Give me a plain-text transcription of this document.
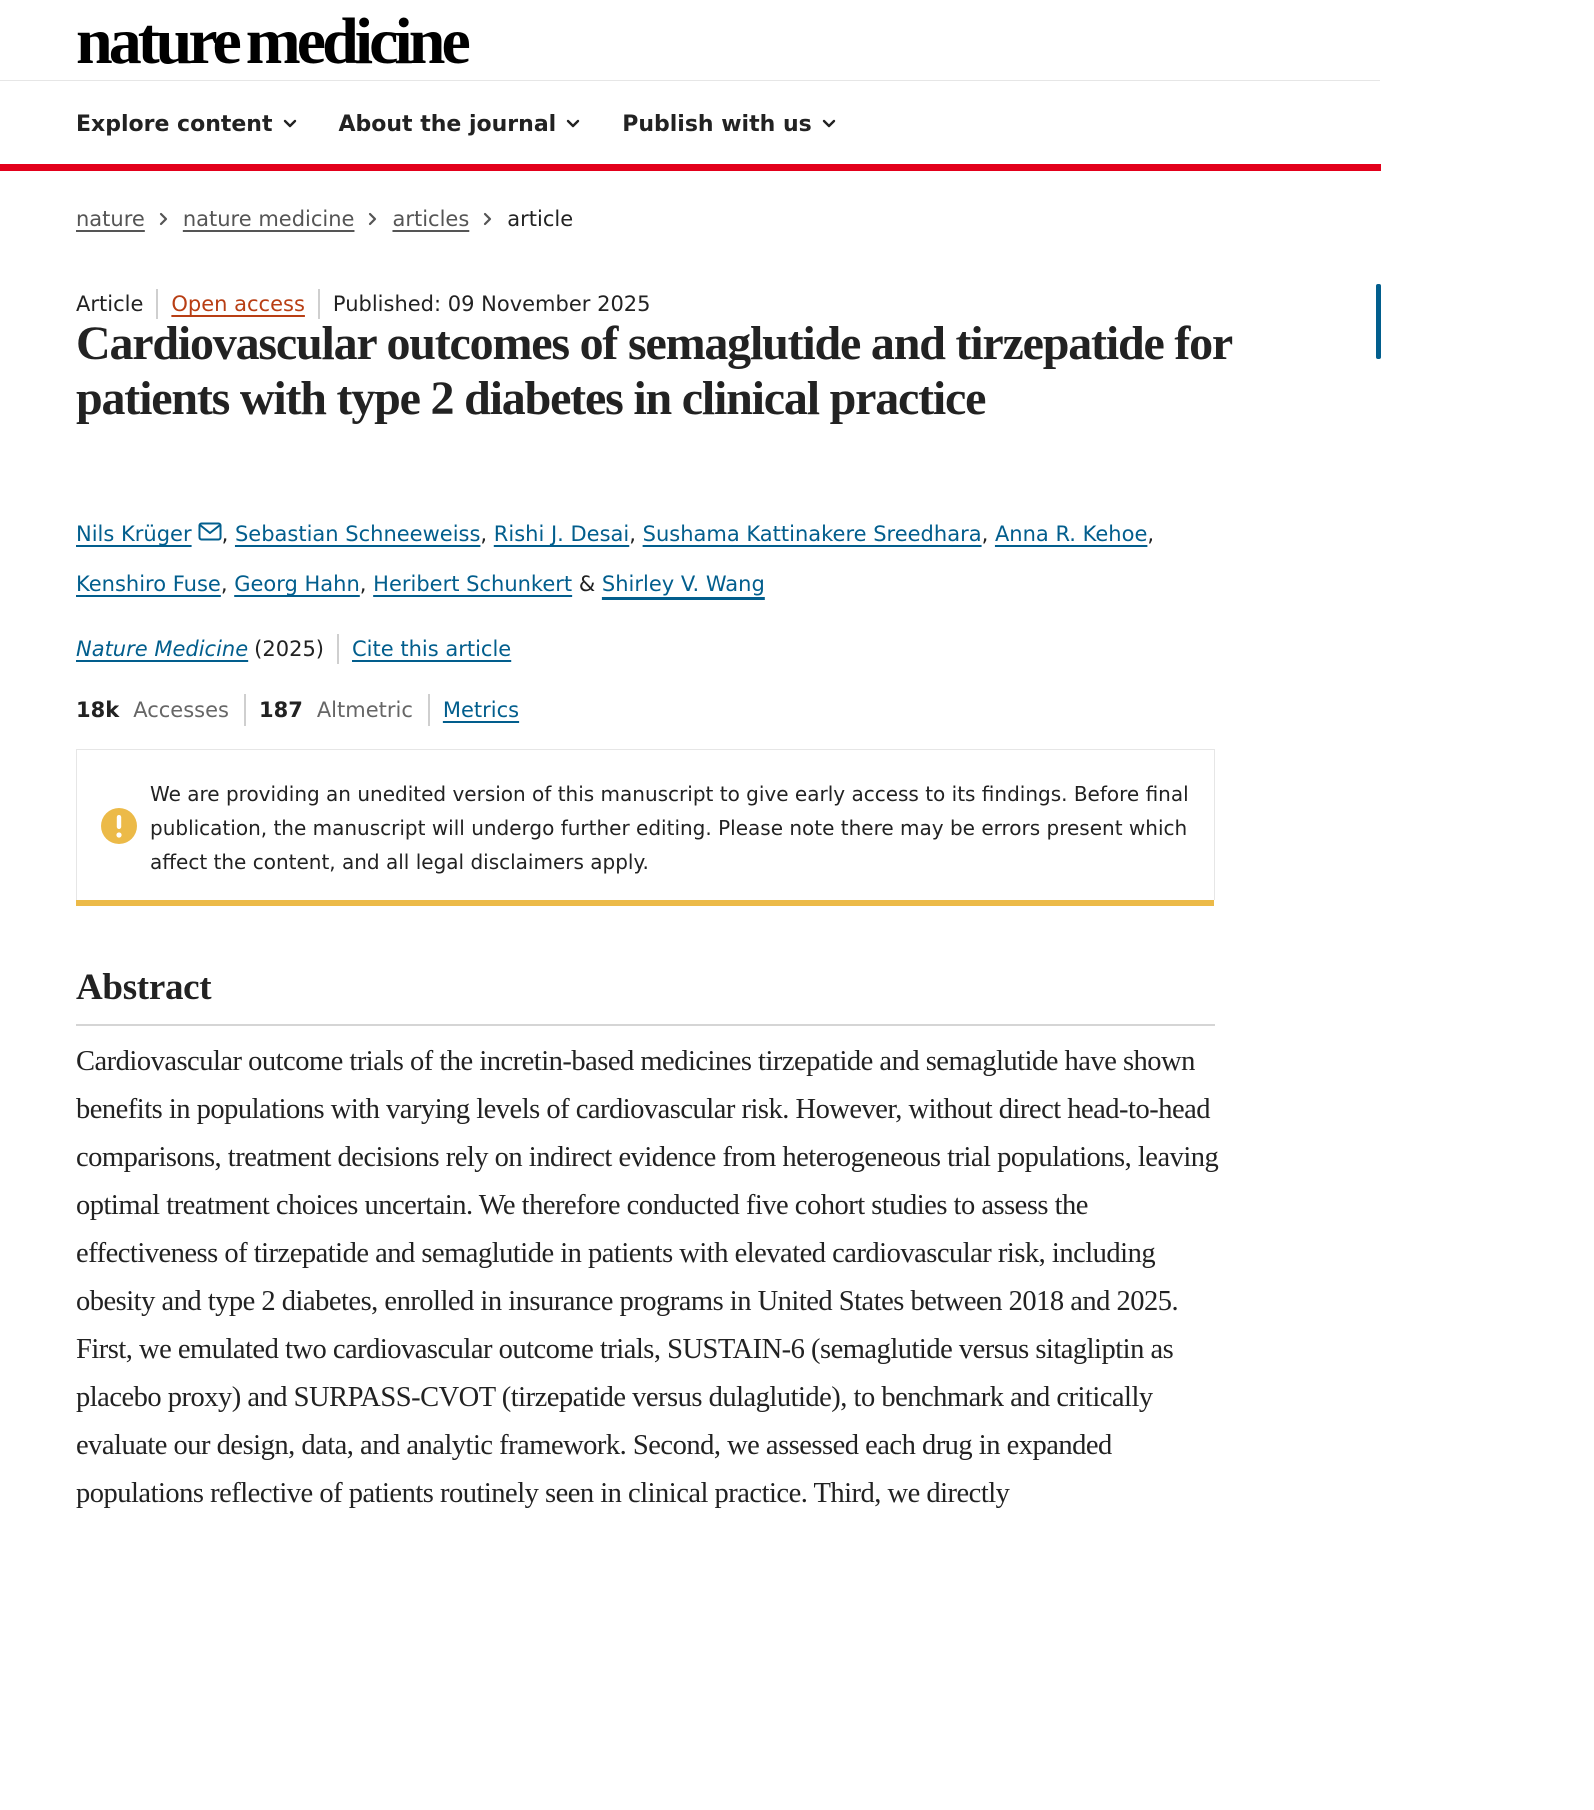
nature medicine
Explore content	About the journal	Publish with us
nature nature medicine articles article
Article Open access Published: 09 November 2025
Cardiovascular outcomes of semaglutide and tirzepatide for patients with type 2 diabetes in clinical practice
Nils Krüger , Sebastian Schneeweiss, Rishi J. Desai, Sushama Kattinakere Sreedhara, Anna R. Kehoe,
Kenshiro Fuse, Georg Hahn, Heribert Schunkert & Shirley V. Wang
Nature Medicine (2025) Cite this article
18k Accesses 187 Altmetric Metrics

We are providing an unedited version of this manuscript to give early access to its findings. Before final publication, the manuscript will undergo further editing. Please note there may be errors present which affect the content, and all legal disclaimers apply.

Abstract

Cardiovascular outcome trials of the incretin-based medicines tirzepatide and semaglutide have shown benefits in populations with varying levels of cardiovascular risk. However, without direct head-to-head comparisons, treatment decisions rely on indirect evidence from heterogeneous trial populations, leaving optimal treatment choices uncertain. We therefore conducted five cohort studies to assess the effectiveness of tirzepatide and semaglutide in patients with elevated cardiovascular risk, including obesity and type 2 diabetes, enrolled in insurance programs in United States between 2018 and 2025. First, we emulated two cardiovascular outcome trials, SUSTAIN-6 (semaglutide versus sitagliptin as placebo proxy) and SURPASS-CVOT (tirzepatide versus dulaglutide), to benchmark and critically evaluate our design, data, and analytic framework. Second, we assessed each drug in expanded populations reflective of patients routinely seen in clinical practice. Third, we directly
